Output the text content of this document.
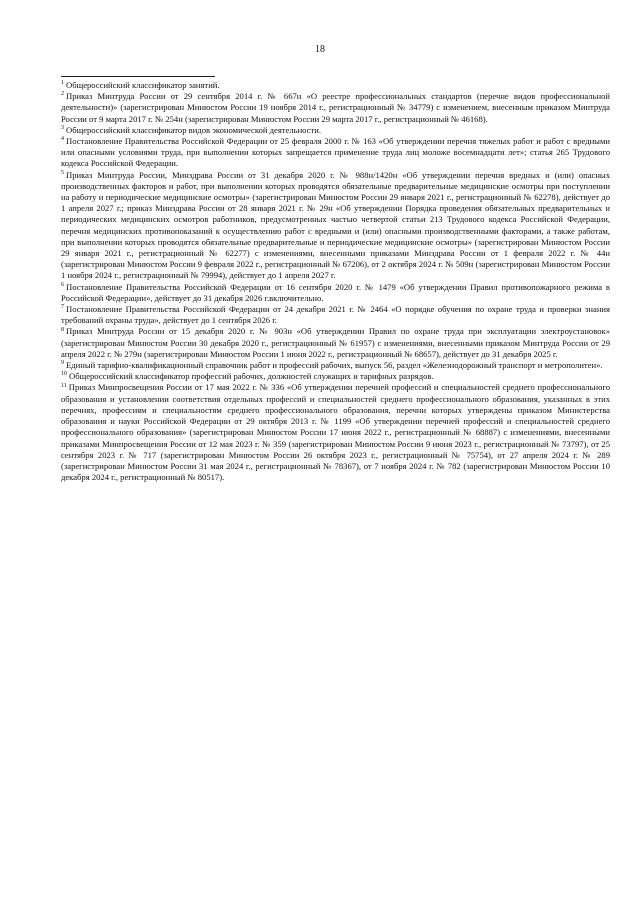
18

$^1$ Общероссийский классификатор занятий.

$^2$ Приказ Минтруда России от 29 сентября 2014 г. № 667н «О реестре профессиональных стандартов (перечне видов профессиональной деятельности)» (зарегистрирован Минюстом России 19 ноября 2014 г., регистрационный № 34779) с изменением, внесенным приказом Минтруда России от 9 марта 2017 г. № 254н (зарегистрирован Минюстом России 29 марта 2017 г., регистрационный № 46168).

$^3$ Общероссийский классификатор видов экономической деятельности.

$^4$ Постановление Правительства Российской Федерации от 25 февраля 2000 г. № 163 «Об утверждении перечня тяжелых работ и работ с вредными или опасными условиями труда, при выполнении которых запрещается применение труда лиц моложе восемнадцати лет»; статья 265 Трудового кодекса Российской Федерации.

$^5$ Приказ Минтруда России, Минздрава России от 31 декабря 2020 г. № 988н/1420н «Об утверждении перечня вредных и (или) опасных производственных факторов и работ, при выполнении которых проводятся обязательные предварительные медицинские осмотры при поступлении на работу и периодические медицинские осмотры» (зарегистрирован Минюстом России 29 января 2021 г., регистрационный № 62278), действует до 1 апреля 2027 г.; приказ Минздрава России от 28 января 2021 г. № 29н «Об утверждении Порядка проведения обязательных предварительных и периодических медицинских осмотров работников, предусмотренных частью четвертой статьи 213 Трудового кодекса Российской Федерации, перечня медицинских противопоказаний к осуществлению работ с вредными и (или) опасными производственными факторами, а также работам, при выполнении которых проводятся обязательные предварительные и периодические медицинские осмотры» (зарегистрирован Минюстом России 29 января 2021 г., регистрационный № 62277) с изменениями, внесенными приказами Минздрава России от 1 февраля 2022 г. № 44н (зарегистрирован Минюстом России 9 февраля 2022 г., регистрационный № 67206), от 2 октября 2024 г. № 509н (зарегистрирован Минюстом России 1 ноября 2024 г., регистрационный № 79994), действует до 1 апреля 2027 г.

$^6$ Постановление Правительства Российской Федерации от 16 сентября 2020 г. № 1479 «Об утверждении Правил противопожарного режима в Российской Федерации», действует до 31 декабря 2026 г.включительно.

$^7$ Постановление Правительства Российской Федерации от 24 декабря 2021 г. № 2464 «О порядке обучения по охране труда и проверки знания требований охраны труда», действует до 1 сентября 2026 г.

$^8$ Приказ Минтруда России от 15 декабря 2020 г. № 903н «Об утверждении Правил по охране труда при эксплуатации электроустановок» (зарегистрирован Минюстом России 30 декабря 2020 г., регистрационный № 61957) с изменениями, внесенными приказом Минтруда России от 29 апреля 2022 г. № 279н (зарегистрирован Минюстом России 1 июня 2022 г., регистрационный № 68657), действует до 31 декабря 2025 г.

$^9$ Единый тарифно-квалификационный справочник работ и профессий рабочих, выпуск 56, раздел «Железнодорожный транспорт и метрополитен».

$^{10}$ Общероссийский классификатор профессий рабочих, должностей служащих и тарифных разрядов.

$^{11}$ Приказ Минпросвещения России от 17 мая 2022 г. № 336 «Об утверждении перечней профессий и специальностей среднего профессионального образования и установлении соответствия отдельных профессий и специальностей среднего профессионального образования, указанных в этих перечнях, профессиям и специальностям среднего профессионального образования, перечни которых утверждены приказом Министерства образования и науки Российской Федерации от 29 октября 2013 г. № 1199 «Об утверждении перечней профессий и специальностей среднего профессионального образования» (зарегистрирован Минюстом России 17 июня 2022 г., регистрационный № 68887) с изменениями, внесенными приказами Минпросвещения России от 12 мая 2023 г. № 359 (зарегистрирован Минюстом России 9 июня 2023 г., регистрационный № 73797), от 25 сентября 2023 г. № 717 (зарегистрирован Минюстом России 26 октября 2023 г., регистрационный № 75754), от 27 апреля 2024 г. № 289 (зарегистрирован Минюстом России 31 мая 2024 г., регистрационный № 78367), от 7 ноября 2024 г. № 782 (зарегистрирован Минюстом России 10 декабря 2024 г., регистрационный № 80517).
